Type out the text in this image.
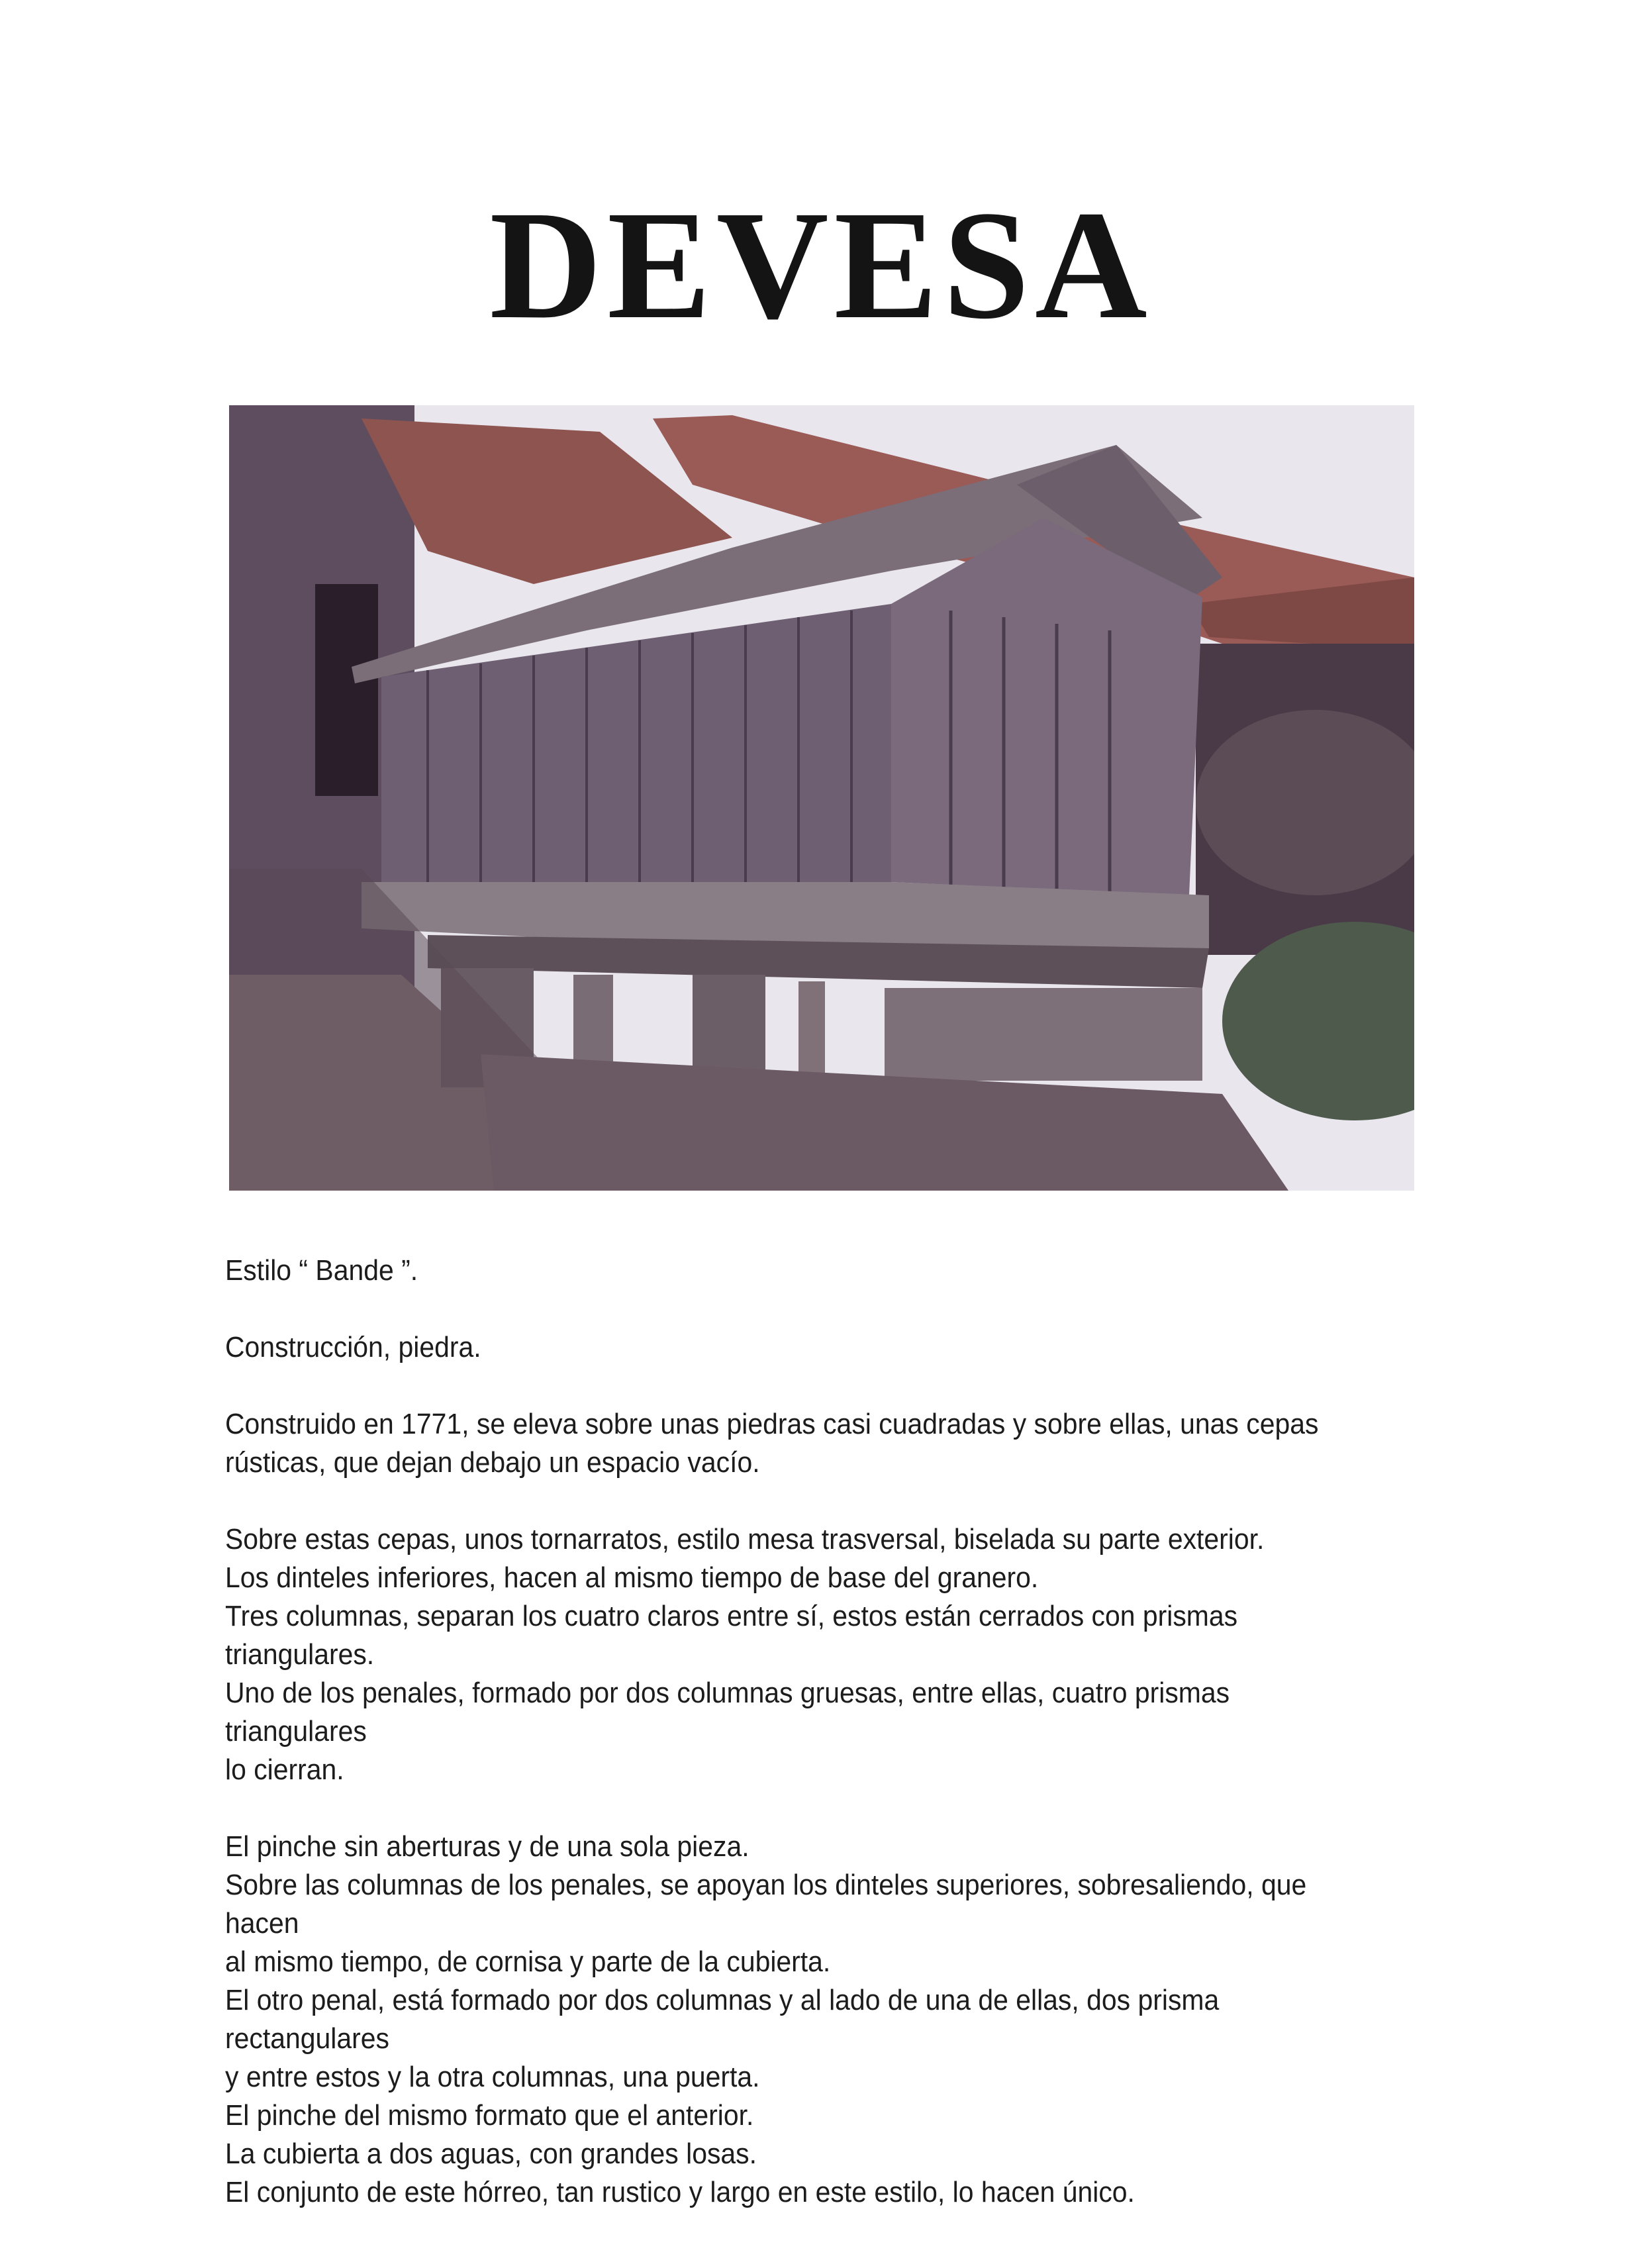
DEVESA

Estilo “ Bande ”.

Construcción, piedra.

Construido en 1771, se eleva sobre unas piedras casi cuadradas y sobre ellas, unas cepas
rústicas, que dejan debajo un espacio vacío.

Sobre estas cepas, unos tornarratos, estilo mesa trasversal, biselada su parte exterior.
Los dinteles inferiores, hacen al mismo tiempo de base del granero.
Tres columnas, separan los cuatro claros entre sí, estos están cerrados con prismas triangulares.
Uno de los penales, formado por dos columnas gruesas, entre ellas, cuatro prismas triangulares
lo cierran.

El pinche sin aberturas y de una sola pieza.
Sobre las columnas de los penales, se apoyan los dinteles superiores, sobresaliendo, que hacen
al mismo tiempo, de cornisa y parte de la cubierta.
El otro penal, está formado por dos columnas y al lado de una de ellas, dos prisma rectangulares
y entre estos y la otra columnas, una puerta.
El pinche del mismo formato que el anterior.
La cubierta a dos aguas, con grandes losas.
El conjunto de este hórreo, tan rustico y largo en este estilo, lo hacen único.
